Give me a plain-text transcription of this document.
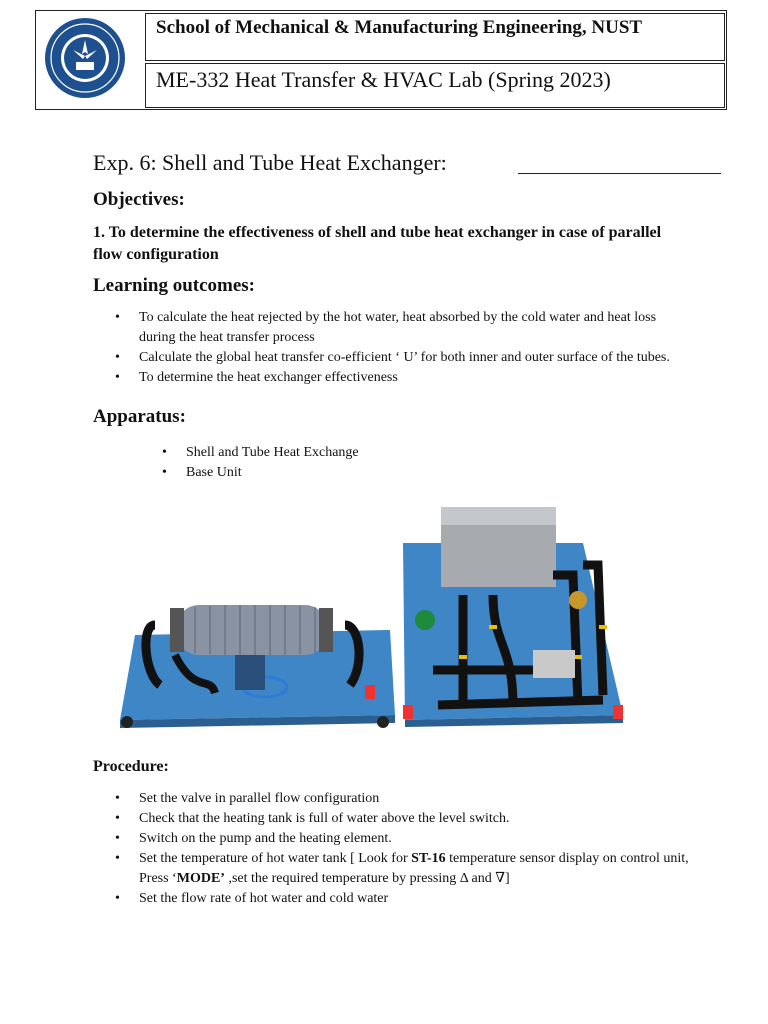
School of Mechanical & Manufacturing Engineering, NUST
ME-332 Heat Transfer & HVAC Lab (Spring 2023)
Exp. 6: Shell and Tube Heat Exchanger:
Objectives:
1. To determine the effectiveness of shell and tube heat exchanger in case of parallel flow configuration
Learning outcomes:
• To calculate the heat rejected by the hot water, heat absorbed by the cold water and heat loss during the heat transfer process
• Calculate the global heat transfer co-efficient ‘ U’ for both inner and outer surface of the tubes.
• To determine the heat exchanger effectiveness
Apparatus:
• Shell and Tube Heat Exchange
• Base Unit
Procedure:
• Set the valve in parallel flow configuration
• Check that the heating tank is full of water above the level switch.
• Switch on the pump and the heating element.
• Set the temperature of hot water tank [ Look for ST-16 temperature sensor display on control unit, Press ‘MODE’ ,set the required temperature by pressing Δ and ∇]
• Set the flow rate of hot water and cold water
